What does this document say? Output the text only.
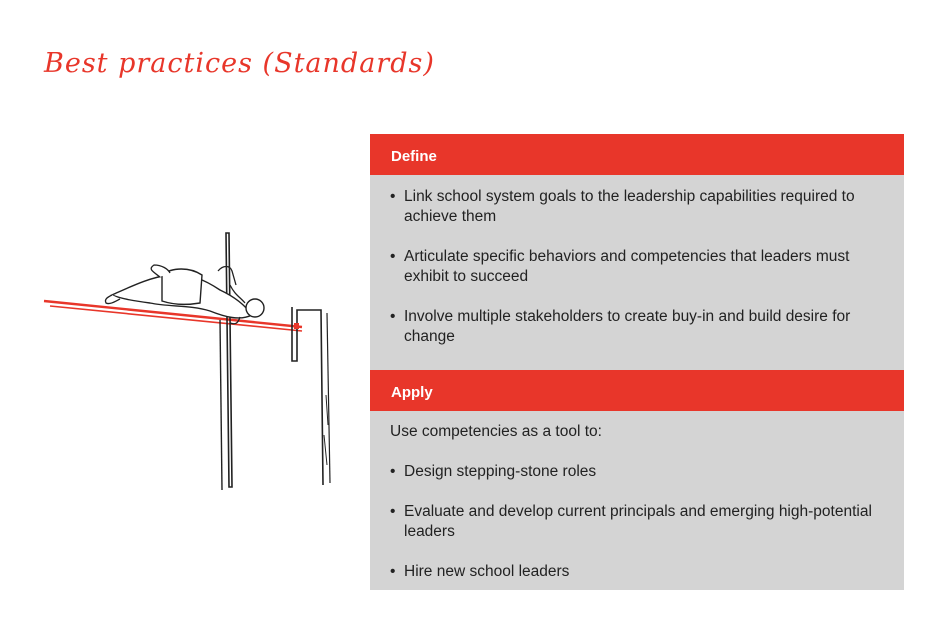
Best practices (Standards)
Define
• Link school system goals to the leadership capabilities required to achieve them
• Articulate specific behaviors and competencies that leaders must exhibit to succeed
• Involve multiple stakeholders to create buy-in and build desire for change
Apply
Use competencies as a tool to:
• Design stepping-stone roles
• Evaluate and develop current principals and emerging high-potential leaders
• Hire new school leaders
